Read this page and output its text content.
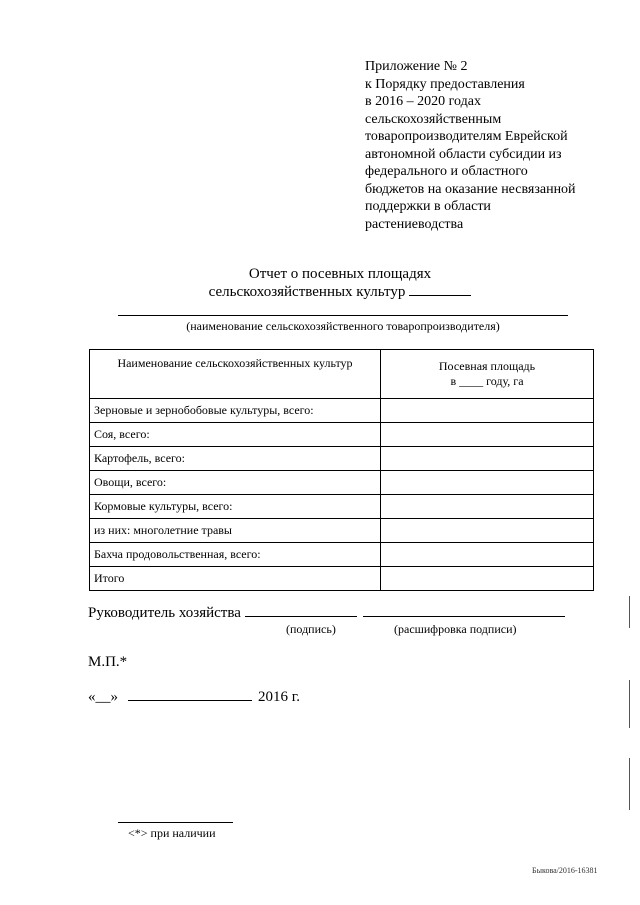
Приложение № 2
к Порядку предоставления
в 2016 – 2020 годах
сельскохозяйственным
товаропроизводителям Еврейской
автономной области субсидии из
федерального и областного
бюджетов на оказание несвязанной
поддержки в области
растениеводства
Отчет о посевных площадях
сельскохозяйственных культур
(наименование сельскохозяйственного товаропроизводителя)
Наименование сельскохозяйственных культур	Посевная площадь
в ____ году, га

Зерновые и зернобобовые культуры, всего:	
Соя, всего:	
Картофель, всего:	
Овощи, всего:	
Кормовые культуры, всего:	
из них: многолетние травы	
Бахча продовольственная, всего:	
Итого	
Руководитель хозяйства
(подпись)	(расшифровка подписи)
М.П.*
«__»	2016 г.
<*> при наличии
Быкова/2016-16381
